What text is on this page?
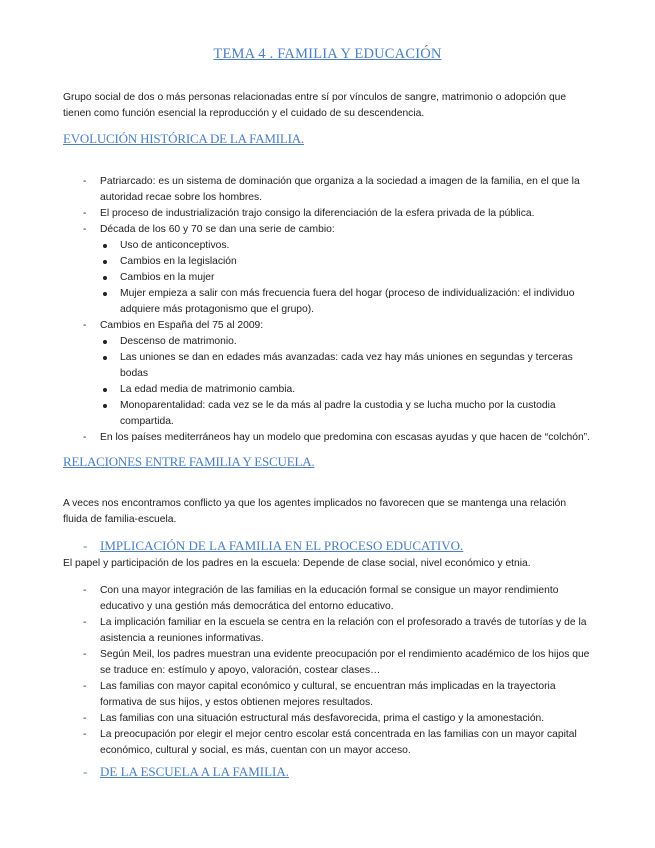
TEMA 4 . FAMILIA Y EDUCACIÓN
Grupo social de dos o más personas relacionadas entre sí por vínculos de sangre, matrimonio o adopción que tienen como función esencial la reproducción y el cuidado de su descendencia.
EVOLUCIÓN HISTÓRICA DE LA FAMILIA.
- Patriarcado: es un sistema de dominación que organiza a la sociedad a imagen de la familia, en el que la autoridad recae sobre los hombres.
- El proceso de industrialización trajo consigo la diferenciación de la esfera privada de la pública.
- Década de los 60 y 70 se dan una serie de cambio:
Uso de anticonceptivos.
Cambios en la legislación
Cambios en la mujer
Mujer empieza a salir con más frecuencia fuera del hogar (proceso de individualización: el individuo adquiere más protagonismo que el grupo).
- Cambios en España del 75 al 2009:
Descenso de matrimonio.
Las uniones se dan en edades más avanzadas: cada vez hay más uniones en segundas y terceras bodas
La edad media de matrimonio cambia.
Monoparentalidad: cada vez se le da más al padre la custodia y se lucha mucho por la custodia compartida.
- En los países mediterráneos hay un modelo que predomina con escasas ayudas y que hacen de “colchón”.
RELACIONES ENTRE FAMILIA Y ESCUELA.
A veces nos encontramos conflicto ya que los agentes implicados no favorecen que se mantenga una relación fluida de familia-escuela.
- IMPLICACIÓN DE LA FAMILIA EN EL PROCESO EDUCATIVO.
El papel y participación de los padres en la escuela: Depende de clase social, nivel económico y etnia.
- Con una mayor integración de las familias en la educación formal se consigue un mayor rendimiento educativo y una gestión más democrática del entorno educativo.
- La implicación familiar en la escuela se centra en la relación con el profesorado a través de tutorías y de la asistencia a reuniones informativas.
- Según Meil, los padres muestran una evidente preocupación por el rendimiento académico de los hijos que se traduce en: estímulo y apoyo, valoración, costear clases…
- Las familias con mayor capital económico y cultural, se encuentran más implicadas en la trayectoria formativa de sus hijos, y estos obtienen mejores resultados.
- Las familias con una situación estructural más desfavorecida, prima el castigo y la amonestación.
- La preocupación por elegir el mejor centro escolar está concentrada en las familias con un mayor capital económico, cultural y social, es más, cuentan con un mayor acceso.
- DE LA ESCUELA A LA FAMILIA.
